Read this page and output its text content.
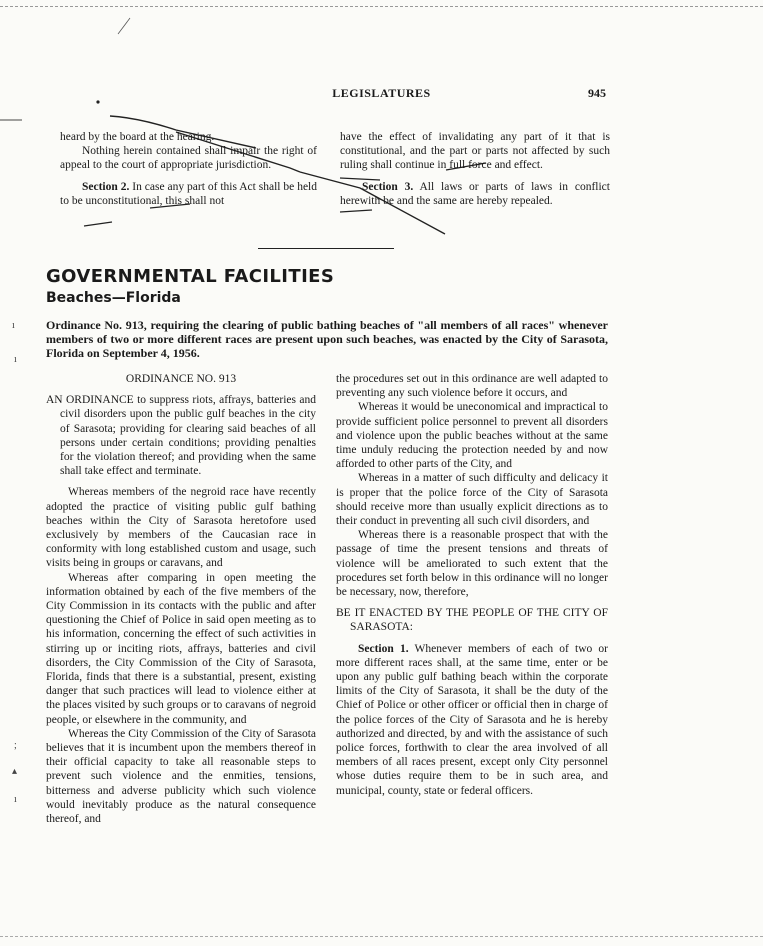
LEGISLATURES	945

heard by the board at the hearing.

Nothing herein contained shall impair the right of appeal to the court of appropriate jurisdiction.

Section 2. In case any part of this Act shall be held to be unconstitutional, this shall not

have the effect of invalidating any part of it that is constitutional, and the part or parts not affected by such ruling shall continue in full force and effect.

Section 3. All laws or parts of laws in conflict herewith be and the same are hereby repealed.

GOVERNMENTAL FACILITIES
Beaches—Florida
Ordinance No. 913, requiring the clearing of public bathing beaches of "all members of all races" whenever members of two or more different races are present upon such beaches, was enacted by the City of Sarasota, Florida on September 4, 1956.
ı
ı
;
▴
ı

ORDINANCE NO. 913

AN ORDINANCE to suppress riots, affrays, batteries and civil disorders upon the public gulf beaches in the city of Sarasota; providing for clearing said beaches of all persons under certain conditions; providing penalties for the violation thereof; and providing when the same shall take effect and terminate.

Whereas members of the negroid race have recently adopted the practice of visiting public gulf bathing beaches within the City of Sarasota heretofore used exclusively by members of the Caucasian race in conformity with long established custom and usage, such visits being in groups or caravans, and

Whereas after comparing in open meeting the information obtained by each of the five members of the City Commission in its contacts with the public and after questioning the Chief of Police in said open meeting as to his information, concerning the effect of such activities in stirring up or inciting riots, affrays, batteries and civil disorders, the City Commission of the City of Sarasota, Florida, finds that there is a substantial, present, existing danger that such practices will lead to violence either at the places visited by such groups or to caravans of negroid people, or elsewhere in the community, and

Whereas the City Commission of the City of Sarasota believes that it is incumbent upon the members thereof in their official capacity to take all reasonable steps to prevent such violence and the enmities, tensions, bitterness and adverse publicity which such violence would inevitably produce as the natural consequence thereof, and

the procedures set out in this ordinance are well adapted to preventing any such violence before it occurs, and

Whereas it would be uneconomical and impractical to provide sufficient police personnel to prevent all disorders and violence upon the public beaches without at the same time unduly reducing the protection needed by and now afforded to other parts of the City, and

Whereas in a matter of such difficulty and delicacy it is proper that the police force of the City of Sarasota should receive more than usually explicit directions as to their conduct in preventing all such civil disorders, and

Whereas there is a reasonable prospect that with the passage of time the present tensions and threats of violence will be ameliorated to such extent that the procedures set forth below in this ordinance will no longer be necessary, now, therefore,

BE IT ENACTED BY THE PEOPLE OF THE CITY OF SARASOTA:

Section 1. Whenever members of each of two or more different races shall, at the same time, enter or be upon any public gulf bathing beach within the corporate limits of the City of Sarasota, it shall be the duty of the Chief of Police or other officer or official then in charge of the police forces of the City of Sarasota and he is hereby authorized and directed, by and with the assistance of such police forces, forthwith to clear the area involved of all members of all races present, except only City personnel whose duties require them to be in such area, and municipal, county, state or federal officers.
